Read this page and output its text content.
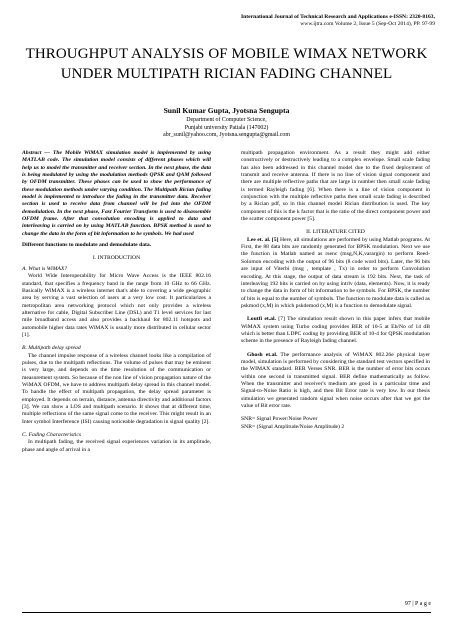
International Journal of Technical Research and Applications e-ISSN: 2320-8163,
www.ijtra.com Volume 2, Issue 5 (Sep-Oct 2014), PP. 97-99
THROUGHPUT ANALYSIS OF MOBILE WIMAX NETWORK UNDER MULTIPATH RICIAN FADING CHANNEL
Sunil Kumar Gupta, Jyotsna Sengupta
Department of Computer Science,
Punjabi university Patiala (147002)
abr_sunil@yahoo.com, Jyotsna.sengupta@gmail.com

Abstract — The Mobile WiMAX simulation model is implemented by using MATLAB code. The simulation model consists of different phases which will help us to model the transmitter and receiver section. In the next phase, the data is being modulated by using the modulation methods QPSK and QAM followed by OFDM transmitter. These phases can be used to show the performance of these modulation methods under varying condition. The Multipath Rician fading model is implemented to introduce the fading in the transmitter data. Receiver section is used to receive data from channel will be fed into the OFDM demodulation. In the next phase, Fast Fourier Transform is used to disassemble OFDM frame. After that convolution encoding is applied to data and interleaving is carried on by using MATLAB function. BPSK method is used to change the data in the form of bit information to be symbols. We had used

Different functions to modulate and demodulate data.

I. INTRODUCTION

A. What is WiMAX?

World Wide Interoperability for Micro Wave Access is the IEEE 802.16 standard, that specifies a frequency band in the range from 10 GHz to 66 GHz. Basically WiMAX is a wireless internet that's able to covering a wide geographic area by serving a vast selection of users at a very low cost. It particularizes a metropolitan area networking protocol which not only provides a wireless alternative for cable, Digital Subscriber Line (DSL) and T1 level services for last mile broadband access and also provides a backhaul for 802.11 hotspots and automobile higher data rates WiMAX is usually more distributed in cellular sector [1].

B. Multipath delay spread

The channel impulse response of a wireless channel looks like a compilation of pulses, due to the multipath reflections. The volume of pulses that may be eminent is very large, and depends on the time resolution of the communication or measurement system. So because of the non line of vision propagation nature of the WiMAX OFDM, we have to address multipath delay spread in this channel model. To handle the effect of multipath propagation, the delay spread parameter is employed. It depends on terrain, distance, antenna directivity and additional factors [3]. We can show a LOS and multipath scenario. It shows that at different time, multiple reflections of the same signal come to the receiver. This might result in an Inter symbol Interference (ISI) causing noticeable degradation in signal quality [2].

C. Fading Characteristics

In multipath fading, the received signal experiences variation in its amplitude, phase and angle of arrival in a

multipath propagation environment. As a result they might add either constructively or destructively leading to a complex envelope. Small scale fading has also been addressed in this channel model due to the fixed deployment of transmit and receive antenna. If there is no line of vision signal component and there are multiple reflective paths that are large in number then small scale fading is termed Rayleigh fading [6]. When there is a line of vision component in conjunction with the multiple reflective paths then small scale fading is described by a Rician pdf, so in this channel model Rician distribution is used. The key component of this is the k factor that is the ratio of the direct component power and the scatter component power [5].

II. LITERATURE CITED

Lee et. al. [5] Here, all simulations are performed by using Matlab programs. At First, the 88 data bits are randomly generated for BPSK modulation. Next we use the function in Matlab named as rsenc (msg,N,K,varargin) to perform Reed-Solomon encoding with the output of 96 bits (8 code word bits). Later, the 96 bits are input of Viterbi (msg , template , Tx) in order to perform Convolution encoding. At this stage, the output of data stream is 192 bits. Next, the task of interleaving 192 bits is carried on by using intrlv (data, elements). Now, it is ready to change the data in form of bit information to be symbols. For BPSK, the number of bits is equal to the number of symbols. The function to modulate data is called as pskmod (x,M) in which pskdemod (x,M) is a function to demodulate signal.

Loutfi et.al. [7] The simulation result shown in this paper infers that mobile WiMAX system using Turbo coding provides BER of 10-5 at Eb/No of 14 dB which is better than LDPC coding by providing BER of 10-4 for QPSK modulation scheme in the presence of Rayleigh fading channel.

Ghosh et.al. The performance analysis of WiMAX 802.26e physical layer model, simulation is performed by considering the standard test vectors specified in the WIMAX standard. BER Verses SNR. BER is the number of error bits occurs within one second in transmitted signal. BER define mathematically as follow. When the transmitter and receiver's medium are good in a particular time and Signal-to-Noise Ratio is high, and then Bit Error rate is very low. In our thesis simulation we generated random signal when noise occurs after that we got the value of Bit error rate.

SNR= Signal Power/Noise Power

SNR= (Signal Amplitude/Noise Amplitude) 2

97 | P a g e
